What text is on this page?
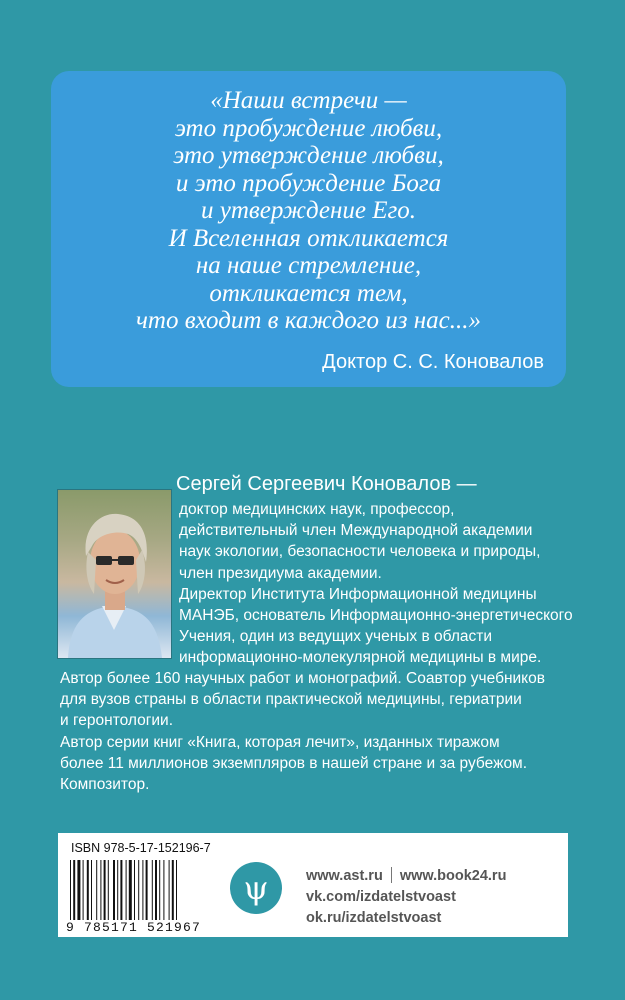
«Наши встречи —
это пробуждение любви,
это утверждение любви,
и это пробуждение Бога
и утверждение Его.
И Вселенная откликается
на наше стремление,
откликается тем,
что входит в каждого из нас...»
Доктор С. С. Коновалов
Сергей Сергеевич Коновалов —
доктор медицинских наук, профессор,
действительный член Международной академии
наук экологии, безопасности человека и природы,
член президиума академии.
Директор Института Информационной медицины
МАНЭБ, основатель Информационно-энергетического
Учения, один из ведущих ученых в области
информационно-молекулярной медицины в мире.
Автор более 160 научных работ и монографий. Соавтор учебников
для вузов страны в области практической медицины, гериатрии
и геронтологии.
Автор серии книг «Книга, которая лечит», изданных тиражом
более 11 миллионов экземпляров в нашей стране и за рубежом.
Композитор.
ISBN 978-5-17-152196-7
9 785171 521967
ψ	www.ast.ru www.book24.ru
vk.com/izdatelstvoast
ok.ru/izdatelstvoast
